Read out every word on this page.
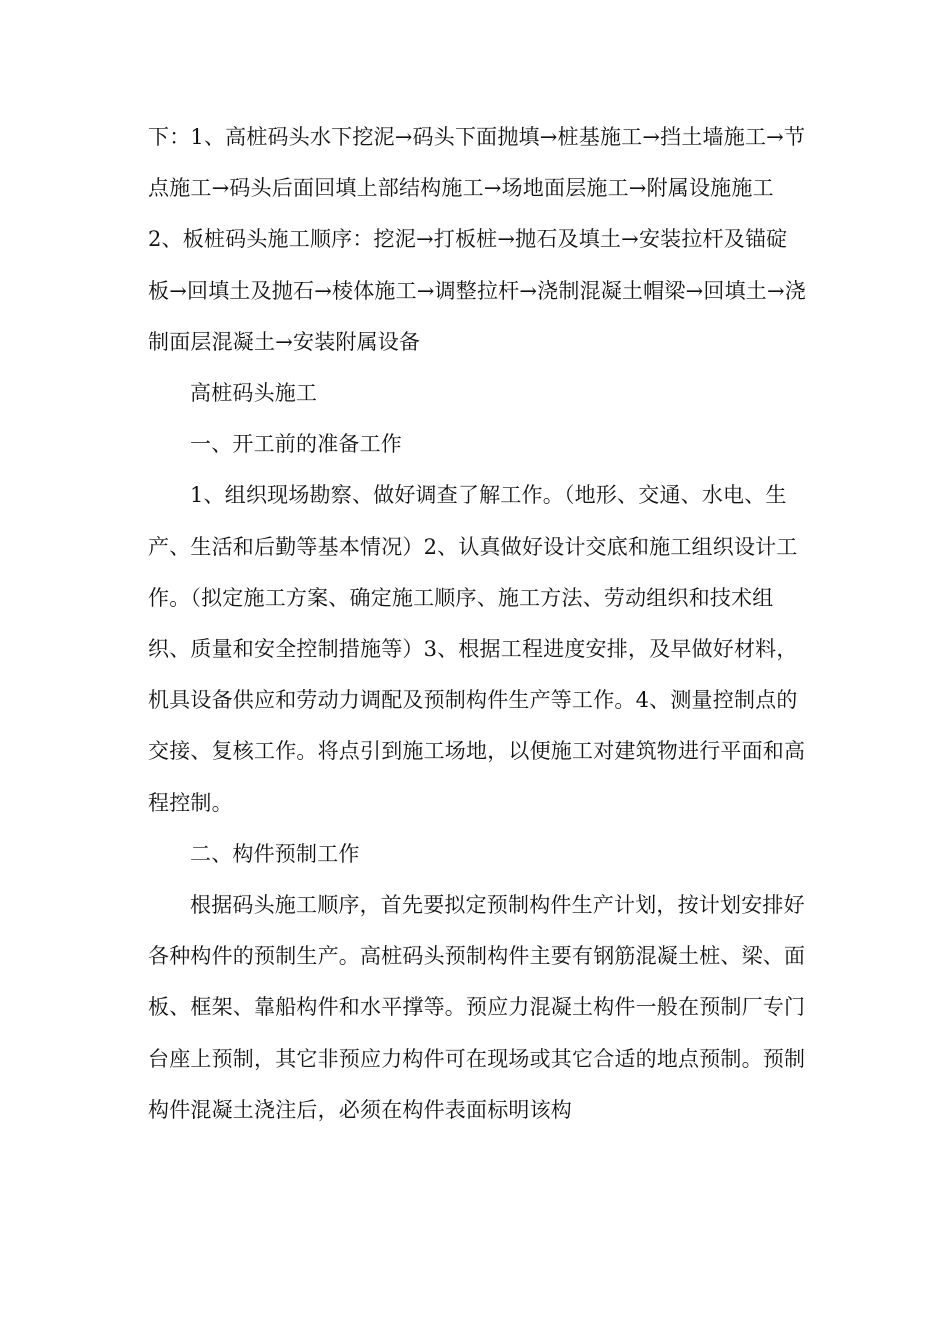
下：1、高桩码头水下挖泥→码头下面抛填→桩基施工→挡土墙施工→节点施工→码头后面回填上部结构施工→场地面层施工→附属设施施工 2、板桩码头施工顺序：挖泥→打板桩→抛石及填土→安装拉杆及锚碇板→回填土及抛石→棱体施工→调整拉杆→浇制混凝土帽梁→回填土→浇制面层混凝土→安装附属设备

高桩码头施工

一、开工前的准备工作

1、组织现场勘察、做好调查了解工作。（地形、交通、水电、生产、生活和后勤等基本情况）2、认真做好设计交底和施工组织设计工作。（拟定施工方案、确定施工顺序、施工方法、劳动组织和技术组织、质量和安全控制措施等）3、根据工程进度安排，及早做好材料，机具设备供应和劳动力调配及预制构件生产等工作。4、测量控制点的交接、复核工作。将点引到施工场地，以便施工对建筑物进行平面和高程控制。

二、构件预制工作

根据码头施工顺序，首先要拟定预制构件生产计划，按计划安排好各种构件的预制生产。高桩码头预制构件主要有钢筋混凝土桩、梁、面板、框架、靠船构件和水平撑等。预应力混凝土构件一般在预制厂专门台座上预制，其它非预应力构件可在现场或其它合适的地点预制。预制构件混凝土浇注后，必须在构件表面标明该构
